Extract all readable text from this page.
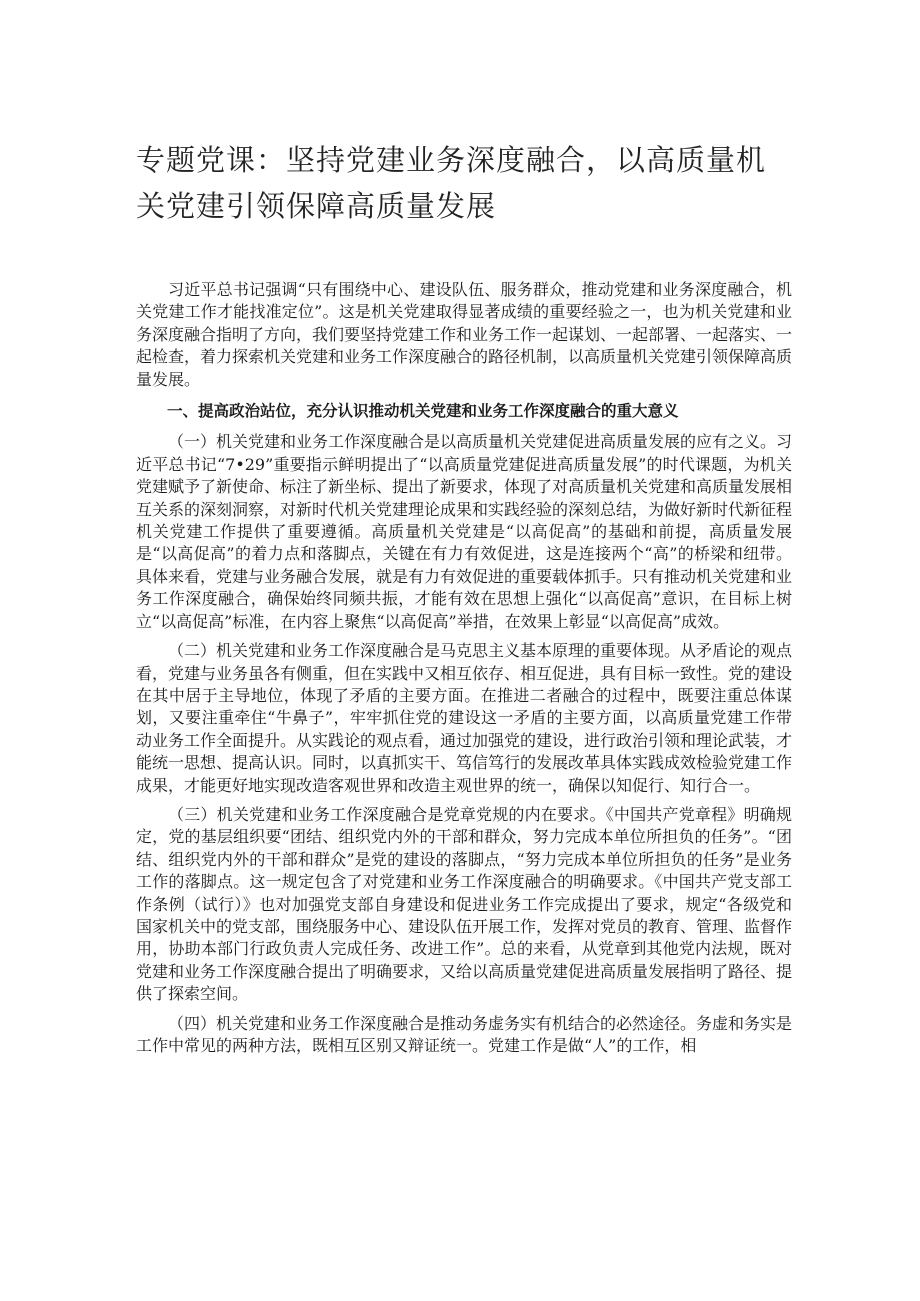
专题党课：坚持党建业务深度融合，以高质量机关党建引领保障高质量发展

习近平总书记强调“只有围绕中心、建设队伍、服务群众，推动党建和业务深度融合，机关党建工作才能找准定位”。这是机关党建取得显著成绩的重要经验之一，也为机关党建和业务深度融合指明了方向，我们要坚持党建工作和业务工作一起谋划、一起部署、一起落实、一起检查，着力探索机关党建和业务工作深度融合的路径机制，以高质量机关党建引领保障高质量发展。

一、提高政治站位，充分认识推动机关党建和业务工作深度融合的重大意义

（一）机关党建和业务工作深度融合是以高质量机关党建促进高质量发展的应有之义。习近平总书记“7•29”重要指示鲜明提出了“以高质量党建促进高质量发展”的时代课题，为机关党建赋予了新使命、标注了新坐标、提出了新要求，体现了对高质量机关党建和高质量发展相互关系的深刻洞察，对新时代机关党建理论成果和实践经验的深刻总结，为做好新时代新征程机关党建工作提供了重要遵循。高质量机关党建是“以高促高”的基础和前提，高质量发展是“以高促高”的着力点和落脚点，关键在有力有效促进，这是连接两个“高”的桥梁和纽带。具体来看，党建与业务融合发展，就是有力有效促进的重要载体抓手。只有推动机关党建和业务工作深度融合，确保始终同频共振，才能有效在思想上强化“以高促高”意识，在目标上树立“以高促高”标准，在内容上聚焦“以高促高”举措，在效果上彰显“以高促高”成效。

（二）机关党建和业务工作深度融合是马克思主义基本原理的重要体现。从矛盾论的观点看，党建与业务虽各有侧重，但在实践中又相互依存、相互促进，具有目标一致性。党的建设在其中居于主导地位，体现了矛盾的主要方面。在推进二者融合的过程中，既要注重总体谋划，又要注重牵住“牛鼻子”，牢牢抓住党的建设这一矛盾的主要方面，以高质量党建工作带动业务工作全面提升。从实践论的观点看，通过加强党的建设，进行政治引领和理论武装，才能统一思想、提高认识。同时，以真抓实干、笃信笃行的发展改革具体实践成效检验党建工作成果，才能更好地实现改造客观世界和改造主观世界的统一，确保以知促行、知行合一。

（三）机关党建和业务工作深度融合是党章党规的内在要求。《中国共产党章程》明确规定，党的基层组织要“团结、组织党内外的干部和群众，努力完成本单位所担负的任务”。“团结、组织党内外的干部和群众”是党的建设的落脚点，“努力完成本单位所担负的任务”是业务工作的落脚点。这一规定包含了对党建和业务工作深度融合的明确要求。《中国共产党支部工作条例（试行）》也对加强党支部自身建设和促进业务工作完成提出了要求，规定“各级党和国家机关中的党支部，围绕服务中心、建设队伍开展工作，发挥对党员的教育、管理、监督作用，协助本部门行政负责人完成任务、改进工作”。总的来看，从党章到其他党内法规，既对党建和业务工作深度融合提出了明确要求，又给以高质量党建促进高质量发展指明了路径、提供了探索空间。

（四）机关党建和业务工作深度融合是推动务虚务实有机结合的必然途径。务虚和务实是工作中常见的两种方法，既相互区别又辩证统一。党建工作是做“人”的工作，相
